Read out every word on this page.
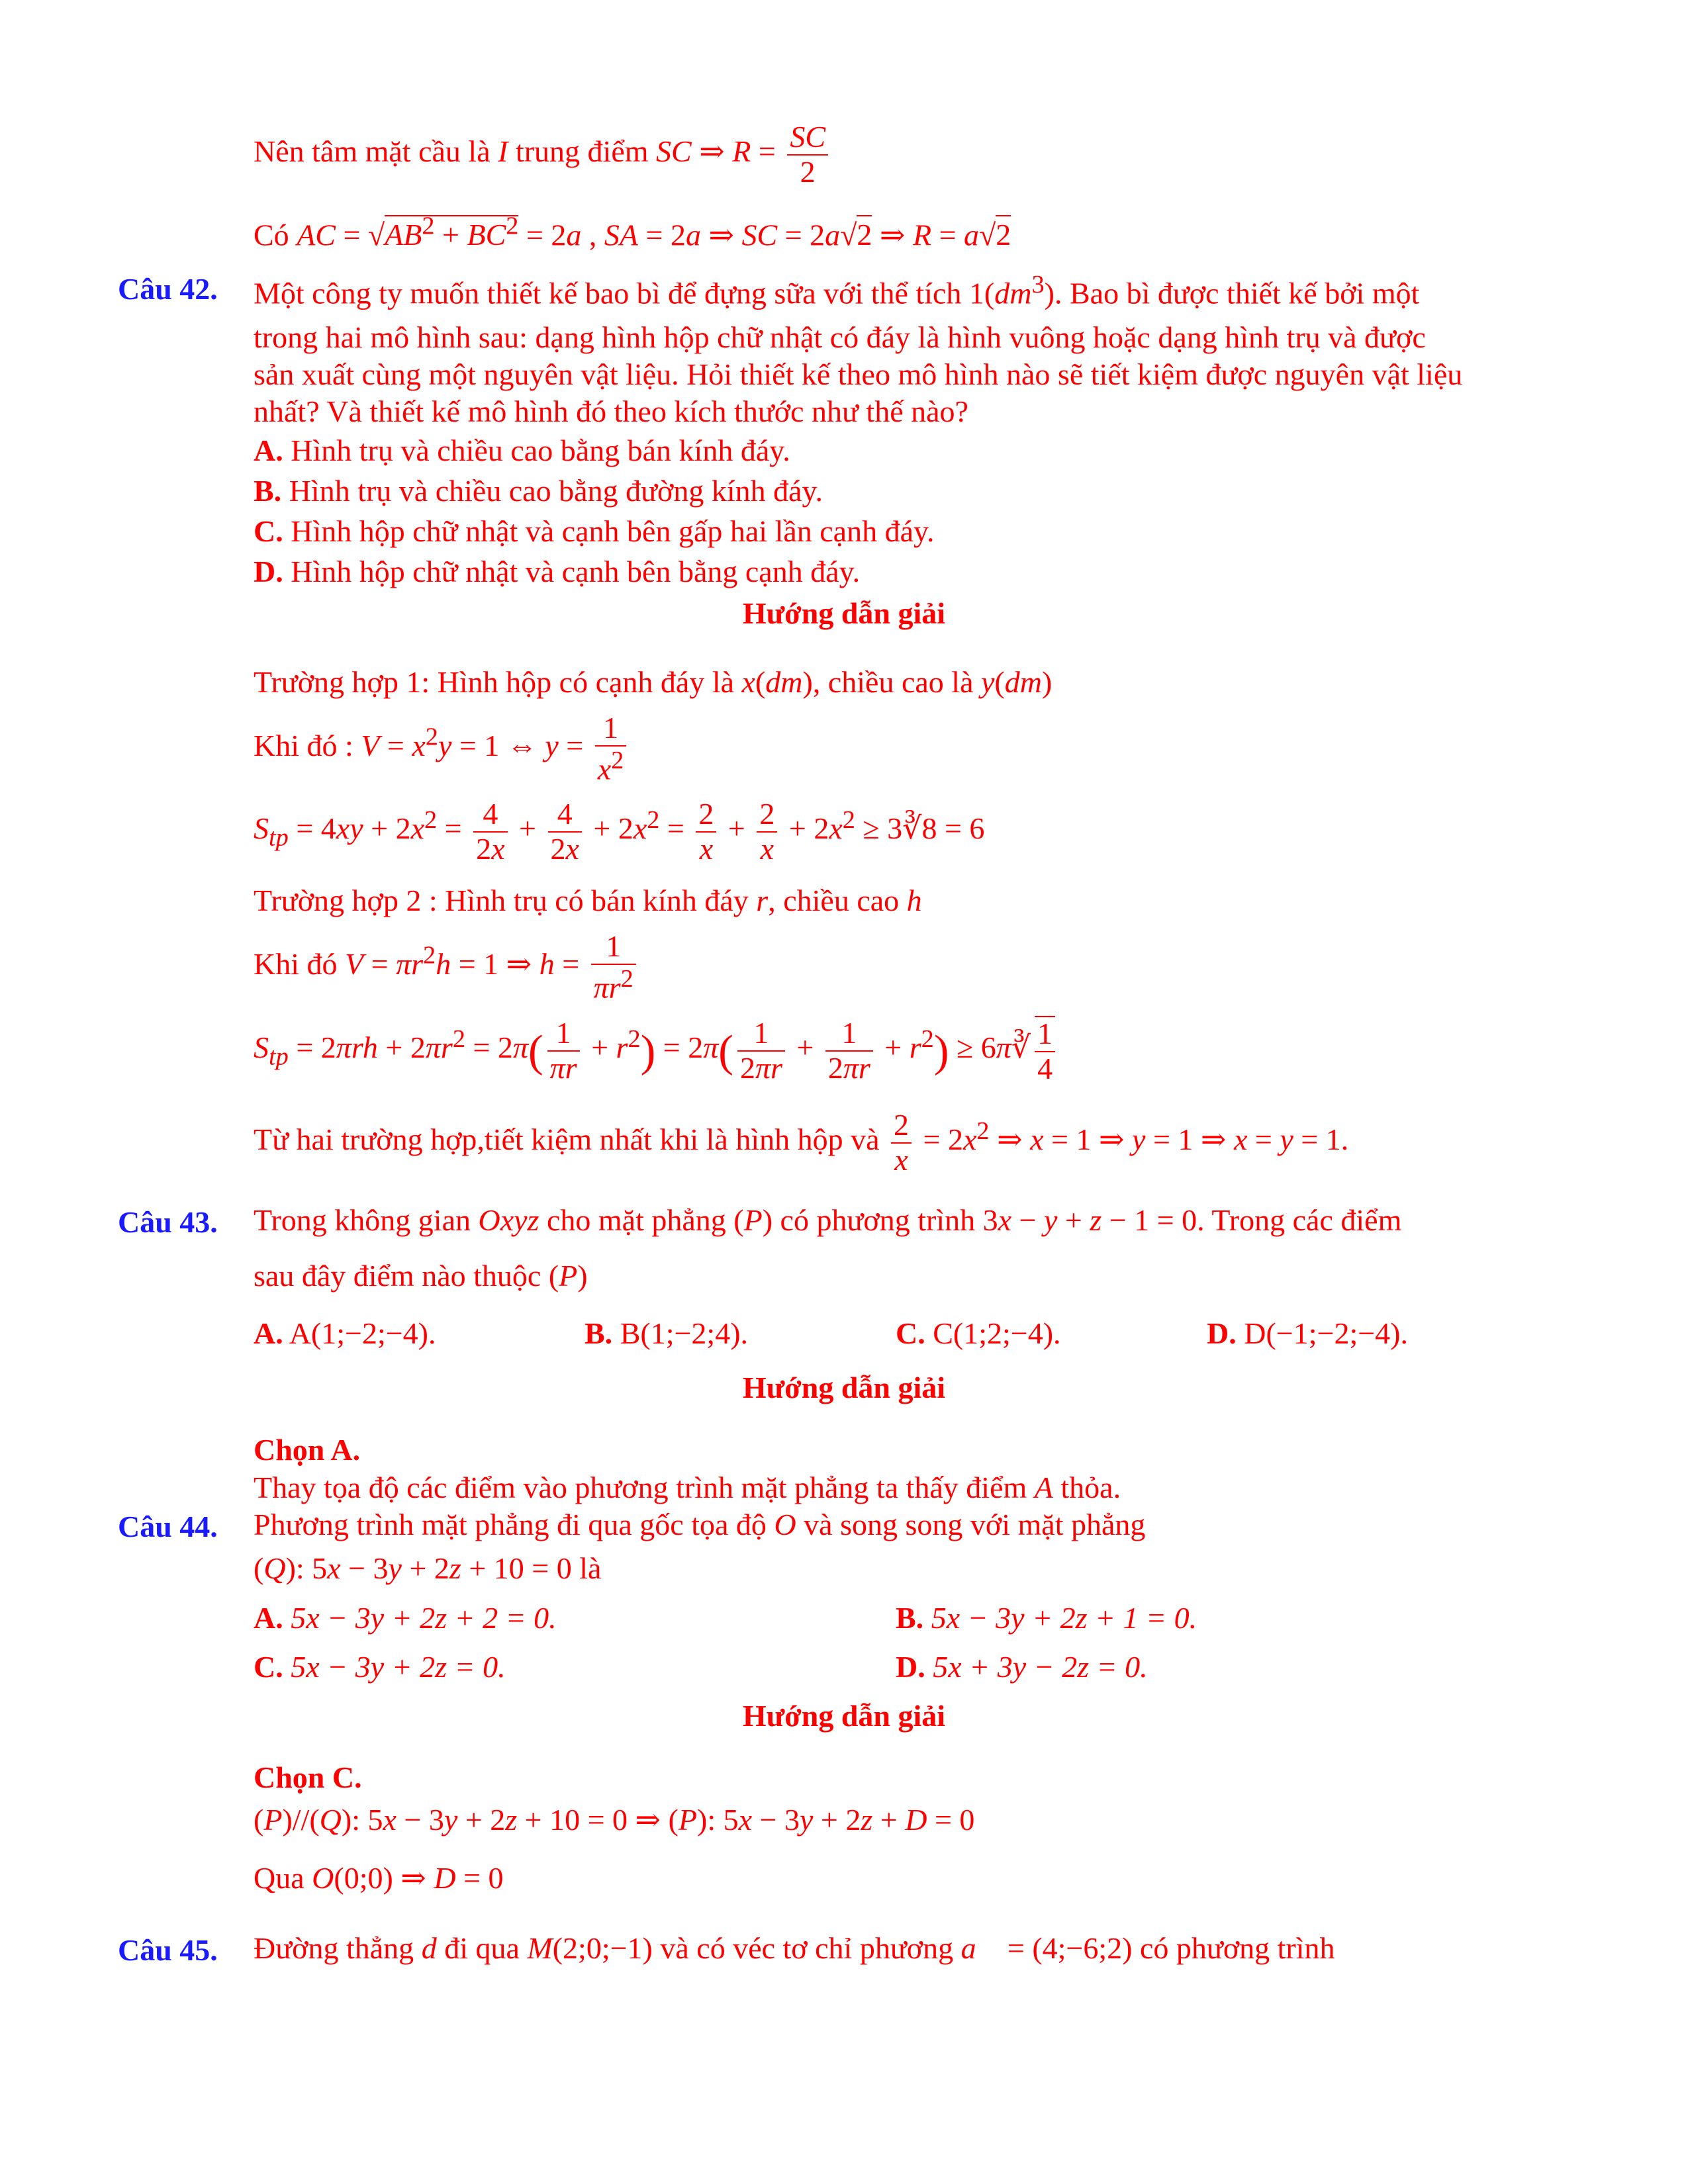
Nên tâm mặt cầu là I trung điểm SC ⇒ $R = \frac{SC}{2}$
Có AC = $√AB^2 + BC^2 = 2a$ , SA = 2a ⇒ SC = 2a√2 ⇒ R = a√2
Câu 42. Một công ty muốn thiết kế bao bì để đựng sữa với thể tích $1(dm^3)$. Bao bì được thiết kế bởi một
trong hai mô hình sau: dạng hình hộp chữ nhật có đáy là hình vuông hoặc dạng hình trụ và được
sản xuất cùng một nguyên vật liệu. Hỏi thiết kế theo mô hình nào sẽ tiết kiệm được nguyên vật liệu
nhất? Và thiết kế mô hình đó theo kích thước như thế nào?
A. Hình trụ và chiều cao bằng bán kính đáy.
B. Hình trụ và chiều cao bằng đường kính đáy.
C. Hình hộp chữ nhật và cạnh bên gấp hai lần cạnh đáy.
D. Hình hộp chữ nhật và cạnh bên bằng cạnh đáy.
Hướng dẫn giải
Trường hợp 1: Hình hộp có cạnh đáy là x(dm), chiều cao là y(dm)
Khi đó : $V = x^2y = 1$ ⇔ $y = \frac{1}{x^2}$
$S_{tp} = 4xy + 2x^2 = \frac{4}{2x} + \frac{4}{2x} + 2x^2 = \frac{2}{x} + \frac{2}{x} + 2x^2$ ≥ 3∛8 = 6
Trường hợp 2 : Hình trụ có bán kính đáy r, chiều cao h
Khi đó $V = \pi r^2h = 1$ ⇒ $h = \frac{1}{\pi r^2}$
$S_{tp} = 2\pi rh + 2\pi r^2 = 2\pi( \frac{1}{\pi r} + r^2) = 2\pi( \frac{1}{2\pi r} + \frac{1}{2\pi r} + r^2)$ ≥ 6π∛ $\frac{1}{4}$
Từ hai trường hợp,tiết kiệm nhất khi là hình hộp và $\frac{2}{x} = 2x^2$ ⇒ x = 1 ⇒ y = 1 ⇒ x = y = 1.
Câu 43. Trong không gian Oxyz cho mặt phẳng (P) có phương trình 3x − y + z − 1 = 0. Trong các điểm
sau đây điểm nào thuộc (P)
A. A(1;−2;−4).	B. B(1;−2;4).	C. C(1;2;−4).	D. D(−1;−2;−4).
Hướng dẫn giải
Chọn A.
Thay tọa độ các điểm vào phương trình mặt phẳng ta thấy điểm A thỏa.
Câu 44. Phương trình mặt phẳng đi qua gốc tọa độ O và song song với mặt phẳng
(Q): 5x − 3y + 2z + 10 = 0 là
A. 5x − 3y + 2z + 2 = 0.	B. 5x − 3y + 2z + 1 = 0.
C. 5x − 3y + 2z = 0.	D. 5x + 3y − 2z = 0.
Hướng dẫn giải
Chọn C.
(P)//(Q): 5x − 3y + 2z + 10 = 0 ⇒ (P): 5x − 3y + 2z + D = 0
Qua O(0;0) ⇒ D = 0
Câu 45. Đường thẳng d đi qua M(2;0;−1) và có véc tơ chỉ phương a⃗ = (4;−6;2) có phương trình
